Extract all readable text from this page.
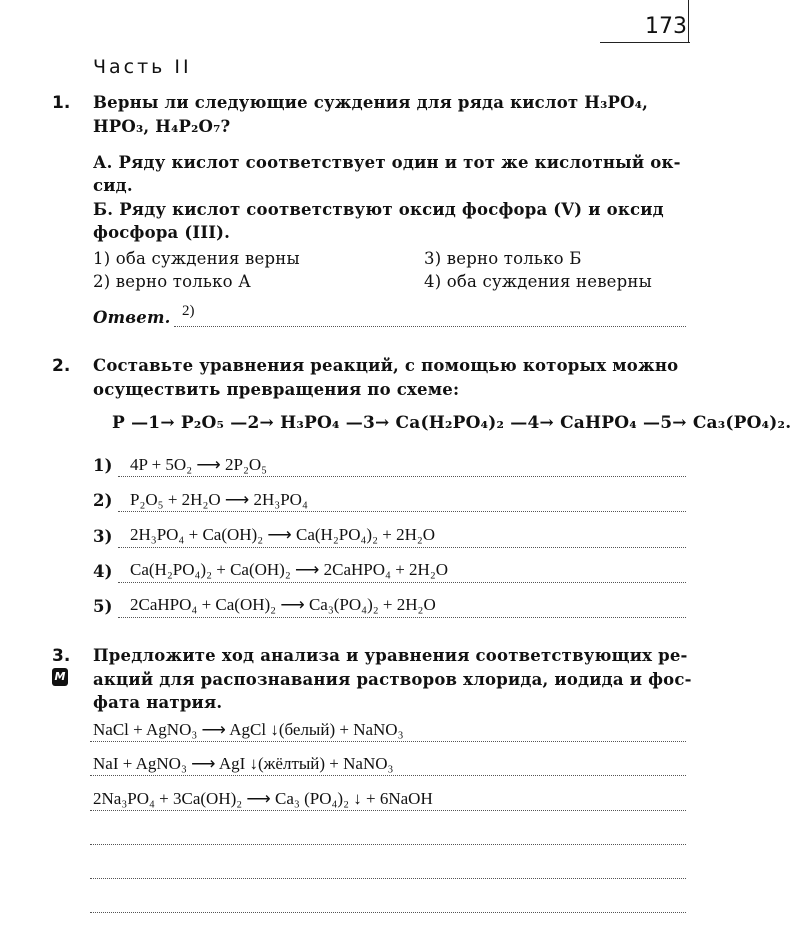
173
Часть II
1. Верны ли следующие суждения для ряда кислот H₃PO₄,
HPO₃, H₄P₂O₇?
А. Ряду кислот соответствует один и тот же кислотный ок-
сид.
Б. Ряду кислот соответствуют оксид фосфора (V) и оксид
фосфора (III).
1) оба суждения верны
2) верно только А
3) верно только Б
4) оба суждения неверны
Ответ. 2)
2. Составьте уравнения реакций, с помощью которых можно
осуществить превращения по схеме:
P —1→ P₂O₅ —2→ H₃PO₄ —3→ Ca(H₂PO₄)₂ —4→ CaHPO₄ —5→ Ca₃(PO₄)₂.
1) 4P + 5O₂ ⟶ 2P₂O₅
2) P₂O₅ + 2H₂O ⟶ 2H₃PO₄
3) 2H₃PO₄ + Ca(OH)₂ ⟶ Ca(H₂PO₄)₂ + 2H₂O
4) Ca(H₂PO₄)₂ + Ca(OH)₂ ⟶ 2CaHPO₄ + 2H₂O
5) 2CaHPO₄ + Ca(OH)₂ ⟶ Ca₃(PO₄)₂ + 2H₂O
3.
M
Предложите ход анализа и уравнения соответствующих ре-
акций для распознавания растворов хлорида, иодида и фос-
фата натрия.
NaCl + AgNO₃ ⟶ AgCl ↓(белый) + NaNO₃
NaI + AgNO₃ ⟶ AgI ↓(жёлтый) + NaNO₃
2Na₃PO₄ + 3Ca(OH)₂ ⟶ Ca₃ (PO₄)₂ ↓ + 6NaOH
